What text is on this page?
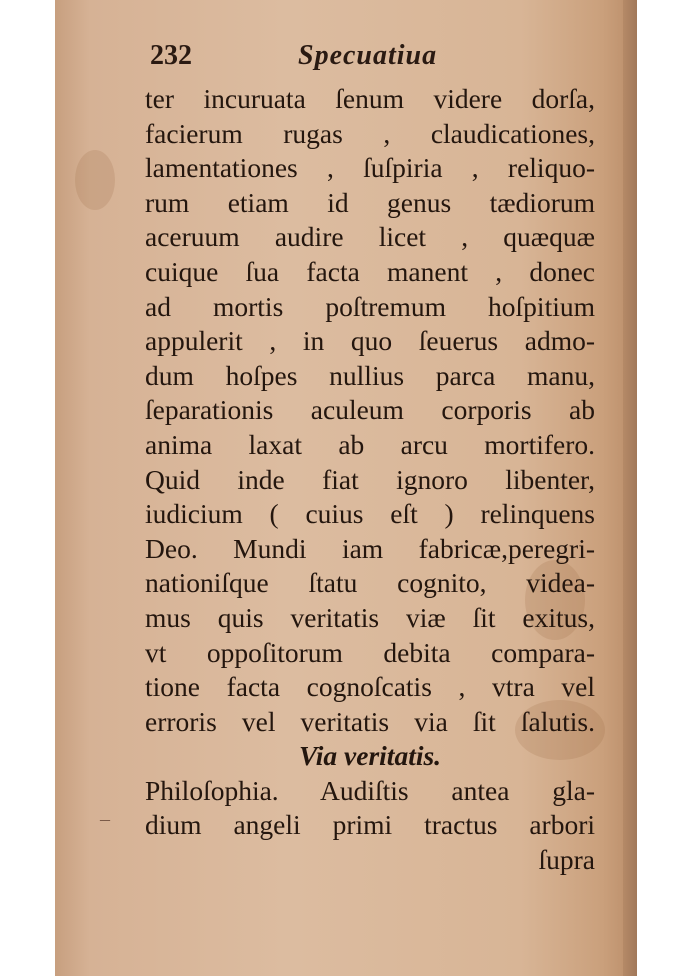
232	Specuatiua
ter incuruata ſenum videre dorſa,
facierum rugas , claudicationes,
lamentationes , ſuſpiria , reliquo-
rum etiam id genus tædiorum
aceruum audire licet , quæquæ
cuique ſua facta manent , donec
ad mortis poſtremum hoſpitium
appulerit , in quo ſeuerus admo-
dum hoſpes nullius parca manu,
ſeparationis aculeum corporis ab
anima laxat ab arcu mortifero.
Quid inde fiat ignoro libenter,
iudicium ( cuius eſt ) relinquens
Deo. Mundi iam fabricæ,peregri-
nationiſque ſtatu cognito, videa-
mus quis veritatis viæ ſit exitus,
vt oppoſitorum debita compara-
tione facta cognoſcatis , vtra vel
erroris vel veritatis via ſit ſalutis.
Via veritatis.
Philoſophia. Audiſtis antea gla-
dium angeli primi tractus arbori
ſupra
–
